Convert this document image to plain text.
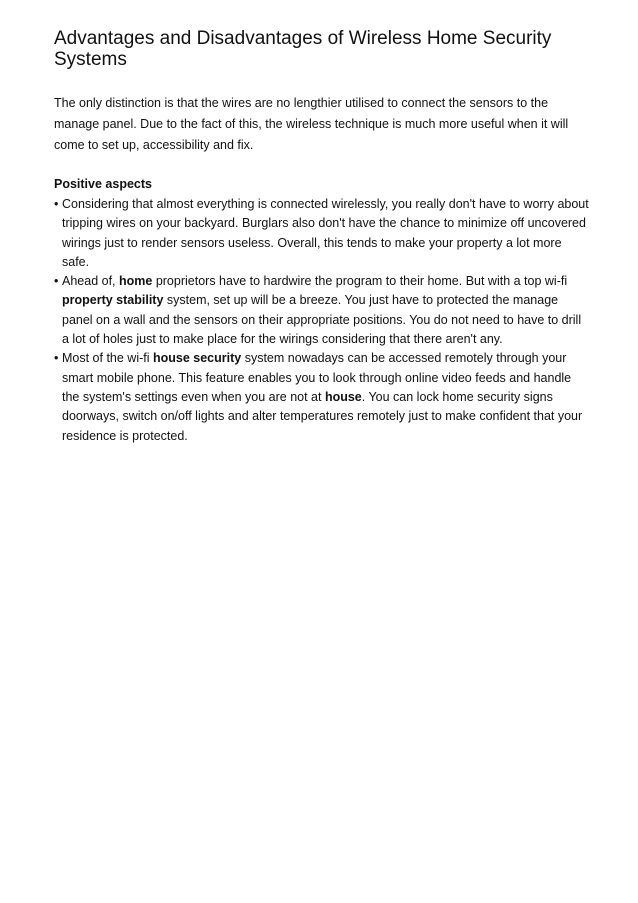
Advantages and Disadvantages of Wireless Home Security Systems

The only distinction is that the wires are no lengthier utilised to connect the sensors to the manage panel. Due to the fact of this, the wireless technique is much more useful when it will come to set up, accessibility and fix.

Positive aspects
• Considering that almost everything is connected wirelessly, you really don't have to worry about tripping wires on your backyard. Burglars also don't have the chance to minimize off uncovered wirings just to render sensors useless. Overall, this tends to make your property a lot more safe.
• Ahead of, home proprietors have to hardwire the program to their home. But with a top wi-fi property stability system, set up will be a breeze. You just have to protected the manage panel on a wall and the sensors on their appropriate positions. You do not need to have to drill a lot of holes just to make place for the wirings considering that there aren't any.
• Most of the wi-fi house security system nowadays can be accessed remotely through your smart mobile phone. This feature enables you to look through online video feeds and handle the system's settings even when you are not at house. You can lock home security signs doorways, switch on/off lights and alter temperatures remotely just to make confident that your residence is protected.
